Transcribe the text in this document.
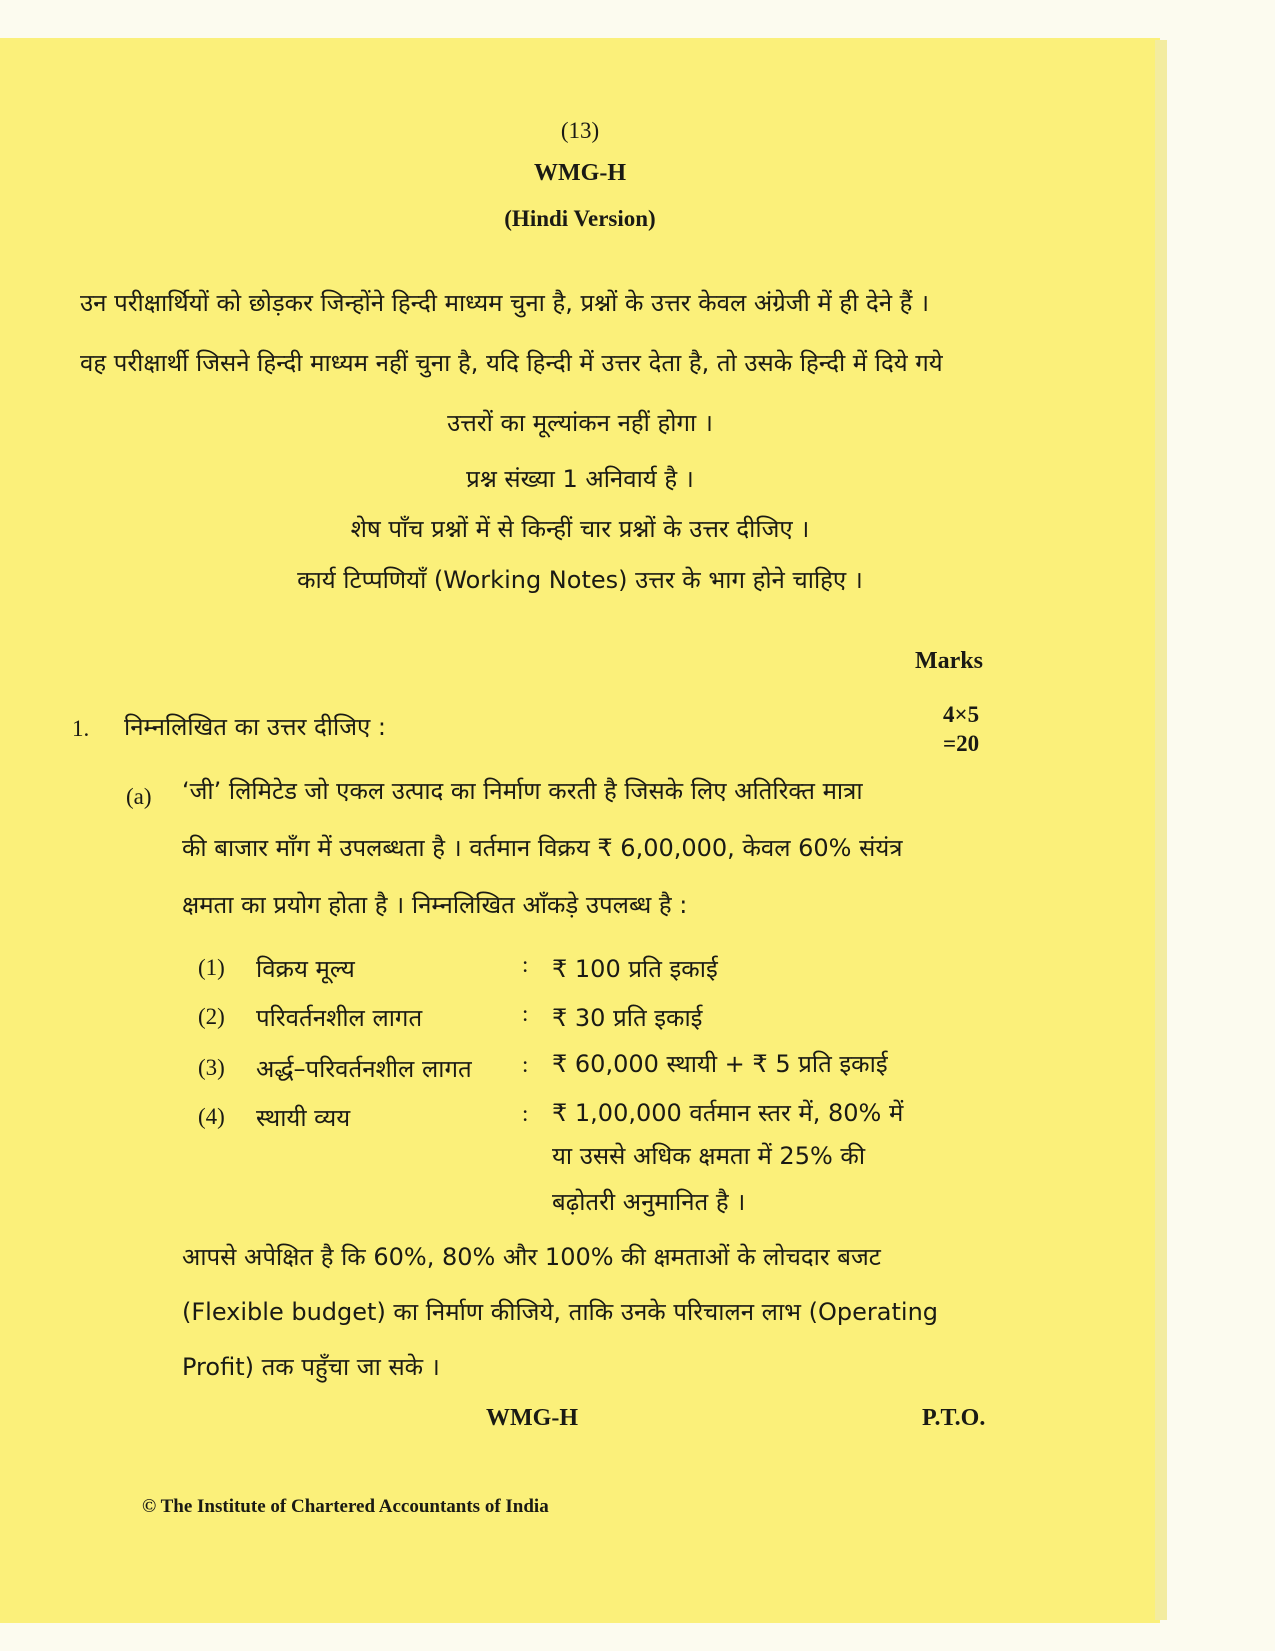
(13)
WMG-H
(Hindi Version)
उन परीक्षार्थियों को छोड़कर जिन्होंने हिन्दी माध्यम चुना है, प्रश्नों के उत्तर केवल अंग्रेजी में ही देने हैं ।
वह परीक्षार्थी जिसने हिन्दी माध्यम नहीं चुना है, यदि हिन्दी में उत्तर देता है, तो उसके हिन्दी में दिये गये
उत्तरों का मूल्यांकन नहीं होगा ।
प्रश्न संख्या 1 अनिवार्य है ।
शेष पाँच प्रश्नों में से किन्हीं चार प्रश्नों के उत्तर दीजिए ।
कार्य टिप्पणियाँ (Working Notes) उत्तर के भाग होने चाहिए ।
Marks
1. निम्नलिखित का उत्तर दीजिए :	4×5
=20
(a) ‘जी’ लिमिटेड जो एकल उत्पाद का निर्माण करती है जिसके लिए अतिरिक्त मात्रा
की बाजार माँग में उपलब्धता है । वर्तमान विक्रय ₹ 6,00,000, केवल 60% संयंत्र
क्षमता का प्रयोग होता है । निम्नलिखित आँकड़े उपलब्ध है :
(1) विक्रय मूल्य	: ₹ 100 प्रति इकाई
(2) परिवर्तनशील लागत	: ₹ 30 प्रति इकाई
(3) अर्द्ध–परिवर्तनशील लागत : ₹ 60,000 स्थायी + ₹ 5 प्रति इकाई
(4) स्थायी व्यय	: ₹ 1,00,000 वर्तमान स्तर में, 80% में
या उससे अधिक क्षमता में 25% की
बढ़ोतरी अनुमानित है ।
आपसे अपेक्षित है कि 60%, 80% और 100% की क्षमताओं के लोचदार बजट
(Flexible budget) का निर्माण कीजिये, ताकि उनके परिचालन लाभ (Operating
Profit) तक पहुँचा जा सके ।
WMG-H	P.T.O.
© The Institute of Chartered Accountants of India
